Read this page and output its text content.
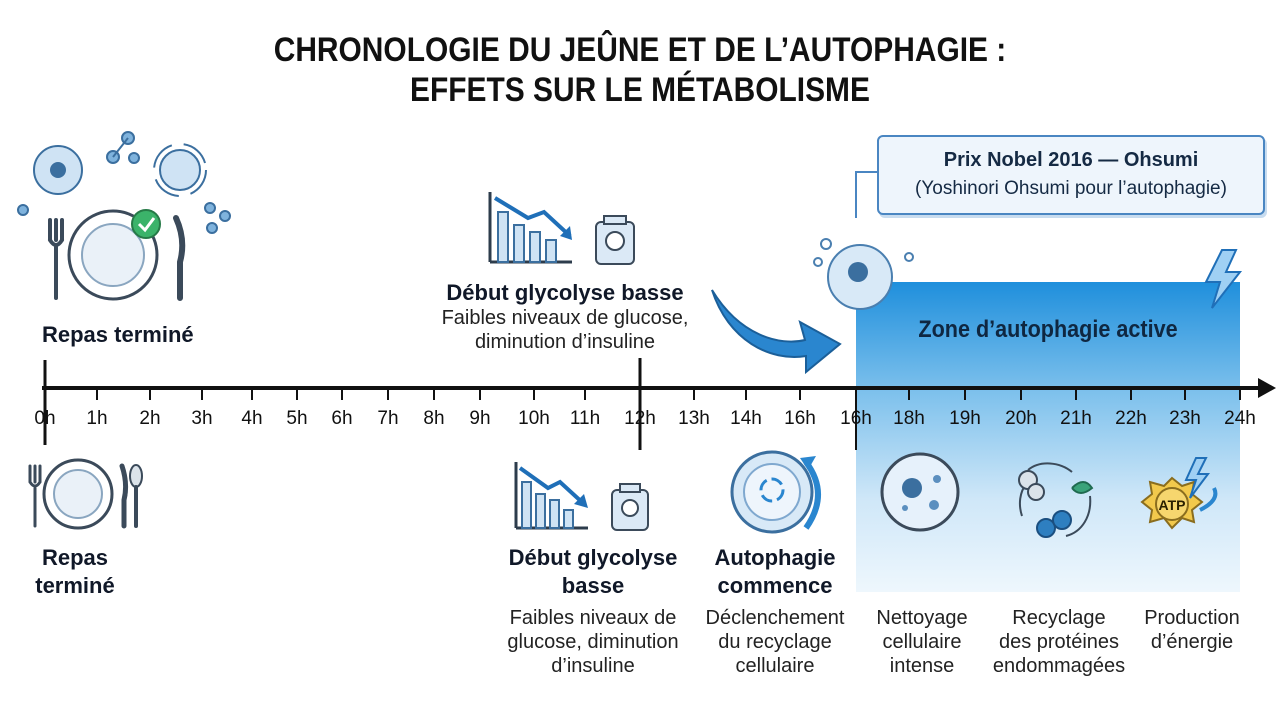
CHRONOLOGIE DU JEÛNE ET DE L’AUTOPHAGIE :
EFFETS SUR LE MÉTABOLISME
Zone d’autophagie active
Prix Nobel 2016 — Ohsumi
(Yoshinori Ohsumi pour l’autophagie)
ATP
0h 1h 2h 3h 4h 5h 6h 7h 8h 9h 10h 11h 12h 13h 14h 16h 16h 18h 19h 20h 21h 22h 23h 24h
Repas terminé
Début glycolyse basse
Faibles niveaux de glucose,
diminution d’insuline
Repas
terminé
Début glycolyse
basse
Faibles niveaux de
glucose, diminution
d’insuline
Autophagie
commence
Déclenchement
du recyclage
cellulaire
Nettoyage
cellulaire
intense
Recyclage
des protéines
endommagées
Production
d’énergie
